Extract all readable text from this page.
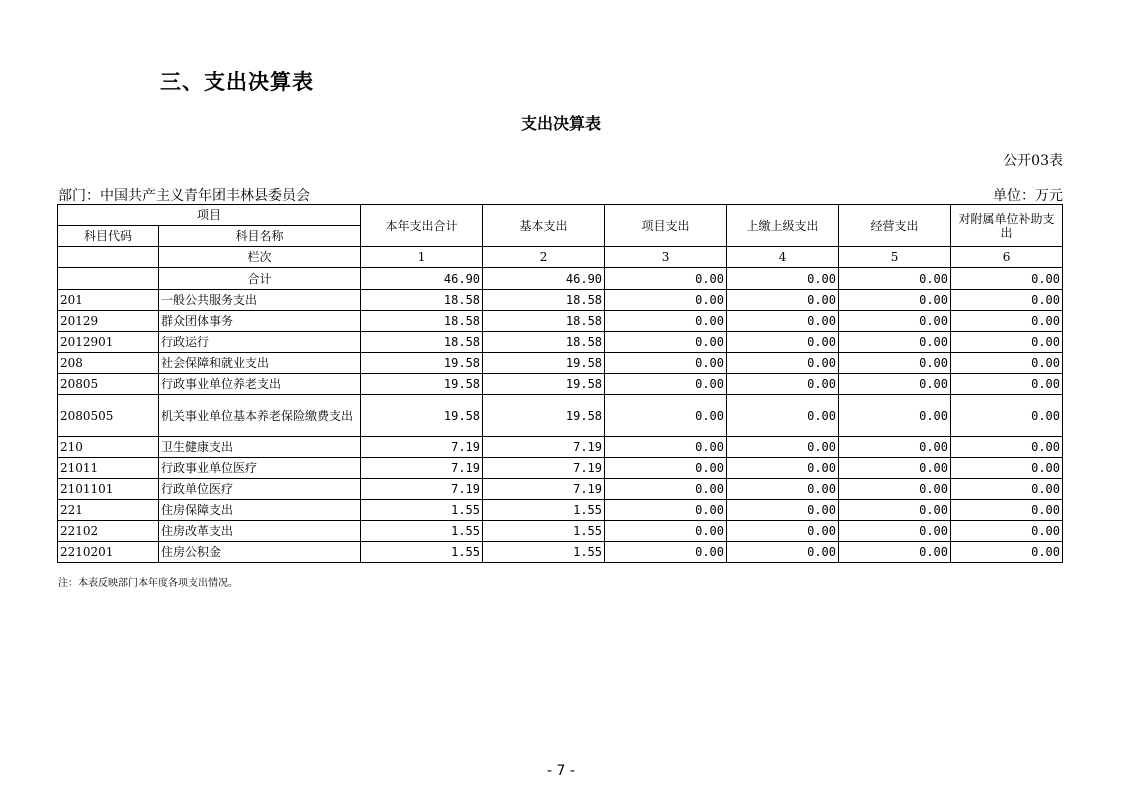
三、支出决算表
支出决算表
公开03表
部门：中国共产主义青年团丰林县委员会	单位：万元
项目		本年支出合计	基本支出	项目支出	上缴上级支出	经营支出	对附属单位补助支出
科目代码	科目名称						
	栏次	1	2	3	4	5	6
	合计	46.90	46.90	0.00	0.00	0.00	0.00
201	一般公共服务支出	18.58	18.58	0.00	0.00	0.00	0.00
20129	群众团体事务	18.58	18.58	0.00	0.00	0.00	0.00
2012901	行政运行	18.58	18.58	0.00	0.00	0.00	0.00
208	社会保障和就业支出	19.58	19.58	0.00	0.00	0.00	0.00
20805	行政事业单位养老支出	19.58	19.58	0.00	0.00	0.00	0.00
2080505	机关事业单位基本养老保险缴费支出	19.58	19.58	0.00	0.00	0.00	0.00
210	卫生健康支出	7.19	7.19	0.00	0.00	0.00	0.00
21011	行政事业单位医疗	7.19	7.19	0.00	0.00	0.00	0.00
2101101	行政单位医疗	7.19	7.19	0.00	0.00	0.00	0.00
221	住房保障支出	1.55	1.55	0.00	0.00	0.00	0.00
22102	住房改革支出	1.55	1.55	0.00	0.00	0.00	0.00
2210201	住房公积金	1.55	1.55	0.00	0.00	0.00	0.00
注：本表反映部门本年度各项支出情况。
- 7 -
